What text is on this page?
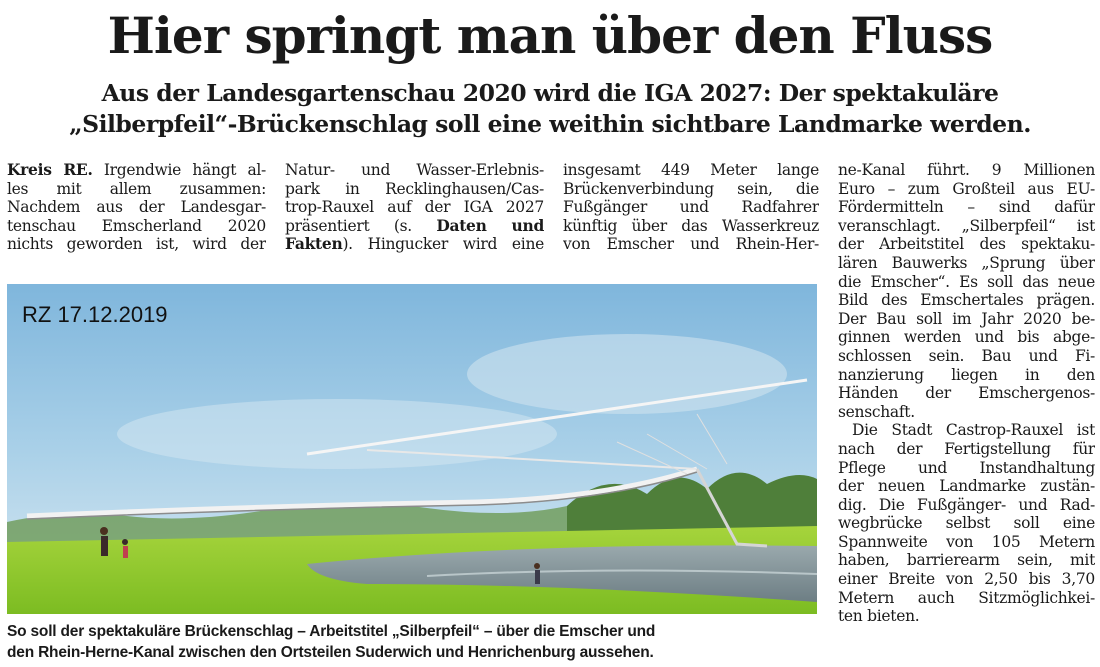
Hier springt man über den Fluss
Aus der Landesgartenschau 2020 wird die IGA 2027: Der spektakuläre
„Silberpfeil“-Brückenschlag soll eine weithin sichtbare Landmarke werden.
Kreis RE. Irgendwie hängt al-
les mit allem zusammen:
Nachdem aus der Landesgar-
tenschau Emscherland 2020
nichts geworden ist, wird der
Natur- und Wasser-Erlebnis-
park in Recklinghausen/Cas-
trop-Rauxel auf der IGA 2027
präsentiert (s. Daten und
Fakten). Hingucker wird eine
insgesamt 449 Meter lange
Brückenverbindung sein, die
Fußgänger und Radfahrer
künftig über das Wasserkreuz
von Emscher und Rhein-Her-
ne-Kanal führt. 9 Millionen
Euro – zum Großteil aus EU-
Fördermitteln – sind dafür
veranschlagt. „Silberpfeil“ ist
der Arbeitstitel des spektaku-
lären Bauwerks „Sprung über
die Emscher“. Es soll das neue
Bild des Emschertales prägen.
Der Bau soll im Jahr 2020 be-
ginnen werden und bis abge-
schlossen sein. Bau und Fi-
nanzierung liegen in den
Händen der Emschergenos-
senschaft.
Die Stadt Castrop-Rauxel ist
nach der Fertigstellung für
Pflege und Instandhaltung
der neuen Landmarke zustän-
dig. Die Fußgänger- und Rad-
wegbrücke selbst soll eine
Spannweite von 105 Metern
haben, barrierearm sein, mit
einer Breite von 2,50 bis 3,70
Metern auch Sitzmöglichkei-
ten bieten.
RZ 17.12.2019
So soll der spektakuläre Brückenschlag – Arbeitstitel „Silberpfeil“ – über die Emscher und
den Rhein-Herne-Kanal zwischen den Ortsteilen Suderwich und Henrichenburg aussehen.
